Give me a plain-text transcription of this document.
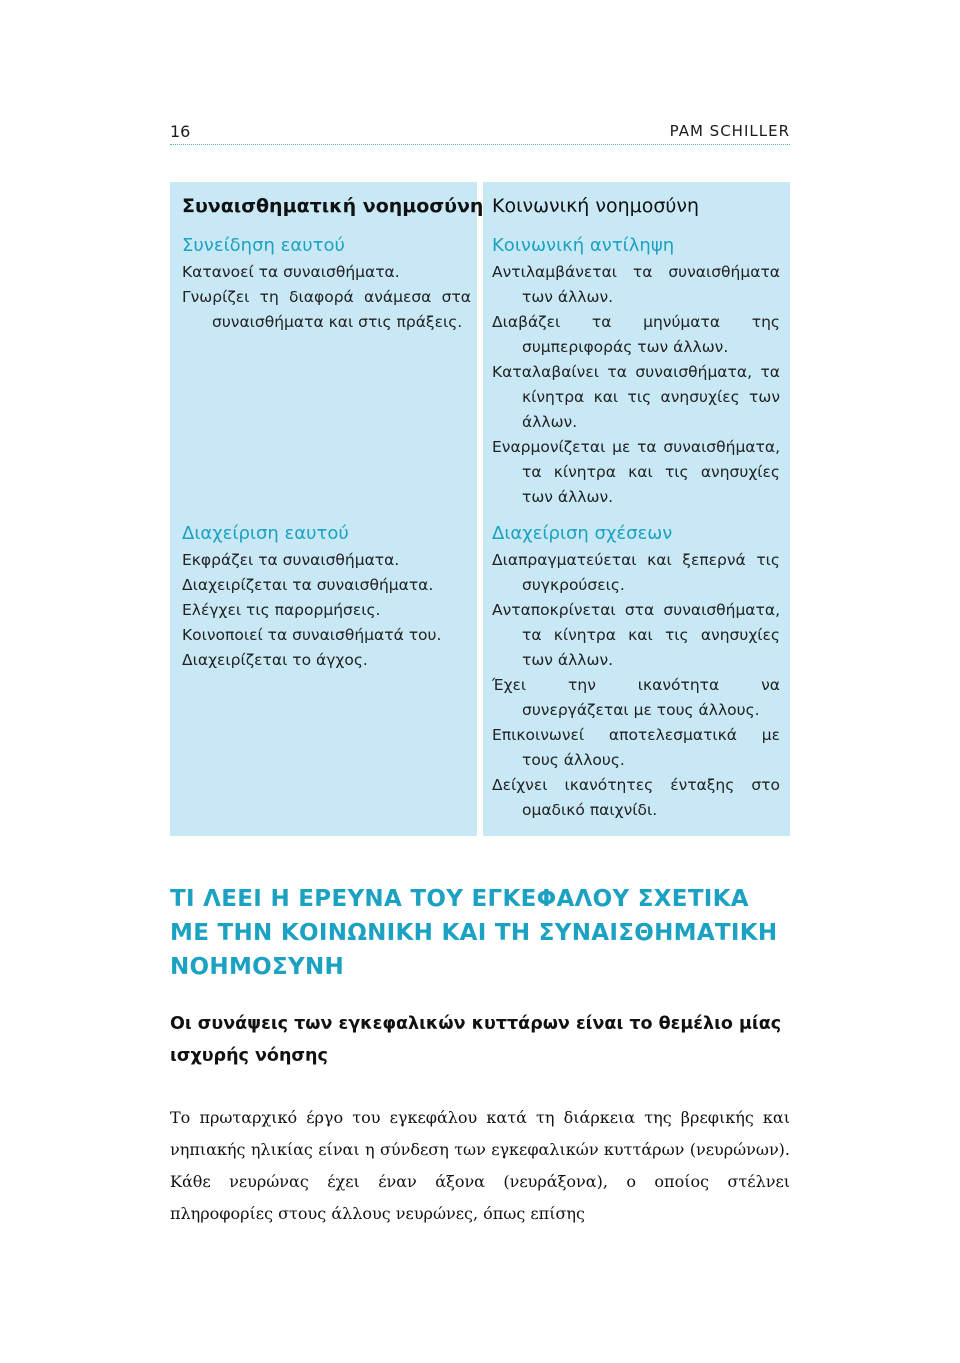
16	PAM SCHILLER

Συναισθηματική νοημοσύνη

Συνείδηση εαυτού

Κατανοεί τα συναισθήματα.

Γνωρίζει τη διαφορά ανάμεσα στα συναισθήματα και στις πράξεις.

Διαχείριση εαυτού

Εκφράζει τα συναισθήματα.

Διαχειρίζεται τα συναισθήματα.

Ελέγχει τις παρορμήσεις.

Κοινοποιεί τα συναισθήματά του.

Διαχειρίζεται το άγχος.

Κοινωνική νοημοσύνη

Κοινωνική αντίληψη

Αντιλαμβάνεται τα συναισθήματα των άλλων.

Διαβάζει τα μηνύματα της συμπεριφοράς των άλλων.

Καταλαβαίνει τα συναισθήματα, τα κίνητρα και τις ανησυχίες των άλλων.

Εναρμονίζεται με τα συναισθήματα, τα κίνητρα και τις ανησυχίες των άλλων.

Διαχείριση σχέσεων

Διαπραγματεύεται και ξεπερνά τις συγκρούσεις.

Ανταποκρίνεται στα συναισθήματα, τα κίνητρα και τις ανησυχίες των άλλων.

Έχει την ικανότητα να συνεργάζεται με τους άλλους.

Επικοινωνεί αποτελεσματικά με τους άλλους.

Δείχνει ικανότητες ένταξης στο ομαδικό παιχνίδι.

ΤΙ ΛΕΕΙ Η ΕΡΕΥΝΑ ΤΟΥ ΕΓΚΕΦΑΛΟΥ ΣΧΕΤΙΚΑ ΜΕ ΤΗΝ ΚΟΙΝΩΝΙΚΗ ΚΑΙ ΤΗ ΣΥΝΑΙΣΘΗΜΑΤΙΚΗ ΝΟΗΜΟΣΥΝΗ
Οι συνάψεις των εγκεφαλικών κυττάρων είναι το θεμέλιο μίας ισχυρής νόησης

Το πρωταρχικό έργο του εγκεφάλου κατά τη διάρκεια της βρεφικής και νηπιακής ηλικίας είναι η σύνδεση των εγκεφαλικών κυττάρων (νευρώνων). Κάθε νευρώνας έχει έναν άξονα (νευράξονα), ο οποίος στέλνει πληροφορίες στους άλλους νευρώνες, όπως επίσης
